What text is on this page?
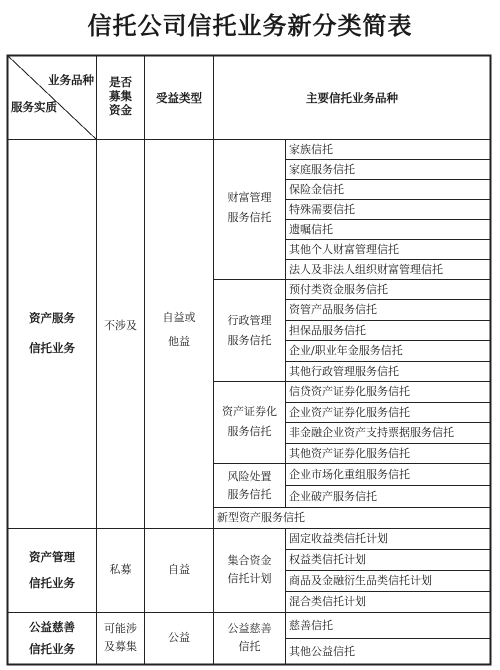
信托公司信托业务新分类简表
业务品种
服务实质
是否
募集
资金
受益类型	主要信托业务品种
资产服务
信托业务
不涉及
自益或
他益
财富管理
服务信托
行政管理
服务信托
资产证券化
服务信托
风险处置
服务信托
家族信托
家庭服务信托
保险金信托
特殊需要信托
遗嘱信托
其他个人财富管理信托
法人及非法人组织财富管理信托
预付类资金服务信托
资管产品服务信托
担保品服务信托
企业/职业年金服务信托
其他行政管理服务信托
信贷资产证券化服务信托
企业资产证券化服务信托
非金融企业资产支持票据服务信托
其他资产证券化服务信托
企业市场化重组服务信托
企业破产服务信托
新型资产服务信托
资产管理
信托业务
私募	自益
集合资金
信托计划
固定收益类信托计划
权益类信托计划
商品及金融衍生品类信托计划
混合类信托计划
公益慈善
信托业务
可能涉
及募集
公益
公益慈善
信托
慈善信托
其他公益信托
